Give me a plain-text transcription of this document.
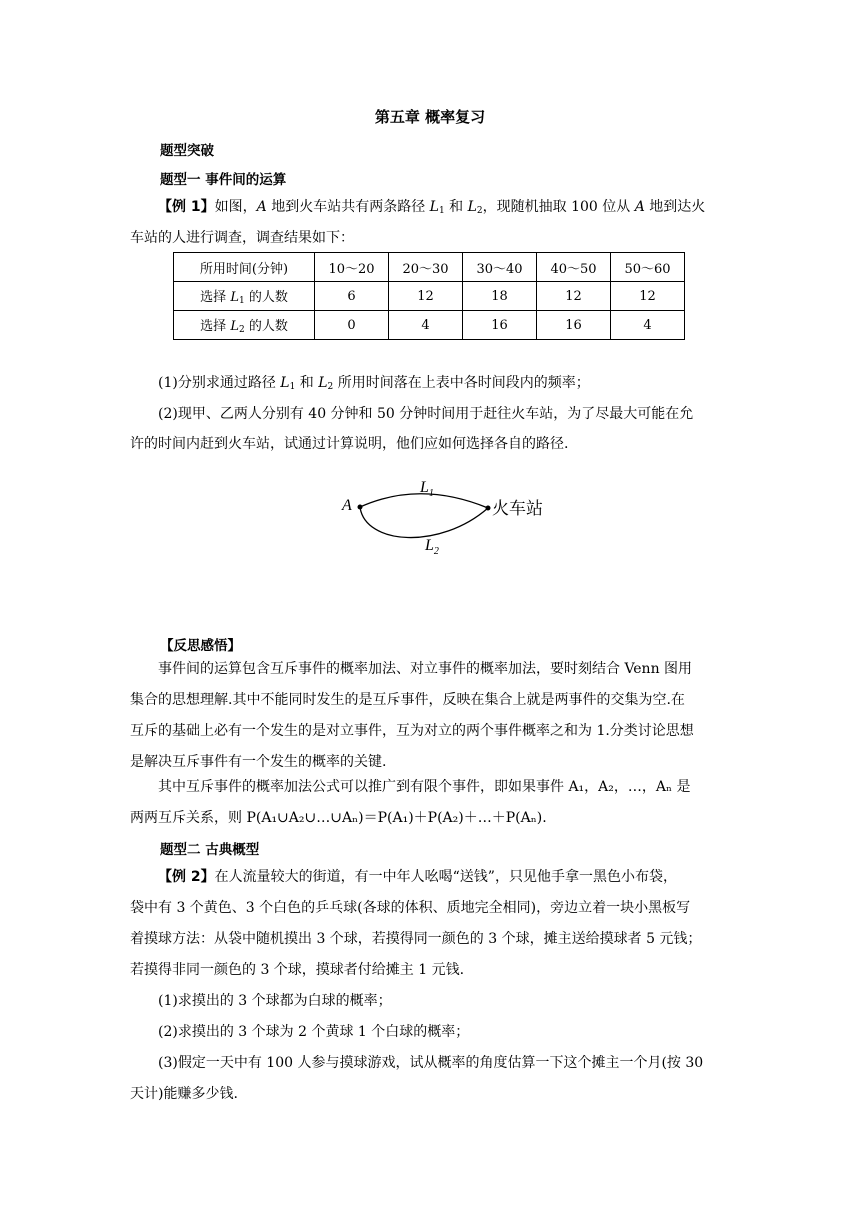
第五章 概率复习
题型突破
题型一 事件间的运算
【例 1】如图，A 地到火车站共有两条路径 $L_1$ 和 $L_2$，现随机抽取 100 位从 A 地到达火
车站的人进行调查，调查结果如下：
所用时间(分钟)	10～20	20～30	30～40	40～50	50～60
选择 $L_1$ 的人数	6	12	18	12	12
选择 $L_2$ 的人数	0	4	16	16	4
(1)分别求通过路径 $L_1$ 和 $L_2$ 所用时间落在上表中各时间段内的频率；
(2)现甲、乙两人分别有 40 分钟和 50 分钟时间用于赶往火车站，为了尽最大可能在允
许的时间内赶到火车站，试通过计算说明，他们应如何选择各自的路径.
A
$L_1$
$L_2$
火车站
【反思感悟】
事件间的运算包含互斥事件的概率加法、对立事件的概率加法，要时刻结合 Venn 图用
集合的思想理解.其中不能同时发生的是互斥事件，反映在集合上就是两事件的交集为空.在
互斥的基础上必有一个发生的是对立事件，互为对立的两个事件概率之和为 1.分类讨论思想
是解决互斥事件有一个发生的概率的关键.
其中互斥事件的概率加法公式可以推广到有限个事件，即如果事件 A₁，A₂，…，Aₙ 是
两两互斥关系，则 P(A₁∪A₂∪…∪Aₙ)＝P(A₁)＋P(A₂)＋…＋P(Aₙ).
题型二 古典概型
【例 2】在人流量较大的街道，有一中年人吆喝“送钱”，只见他手拿一黑色小布袋，
袋中有 3 个黄色、3 个白色的乒乓球(各球的体积、质地完全相同)，旁边立着一块小黑板写
着摸球方法：从袋中随机摸出 3 个球，若摸得同一颜色的 3 个球，摊主送给摸球者 5 元钱；
若摸得非同一颜色的 3 个球，摸球者付给摊主 1 元钱.
(1)求摸出的 3 个球都为白球的概率；
(2)求摸出的 3 个球为 2 个黄球 1 个白球的概率；
(3)假定一天中有 100 人参与摸球游戏，试从概率的角度估算一下这个摊主一个月(按 30
天计)能赚多少钱.
